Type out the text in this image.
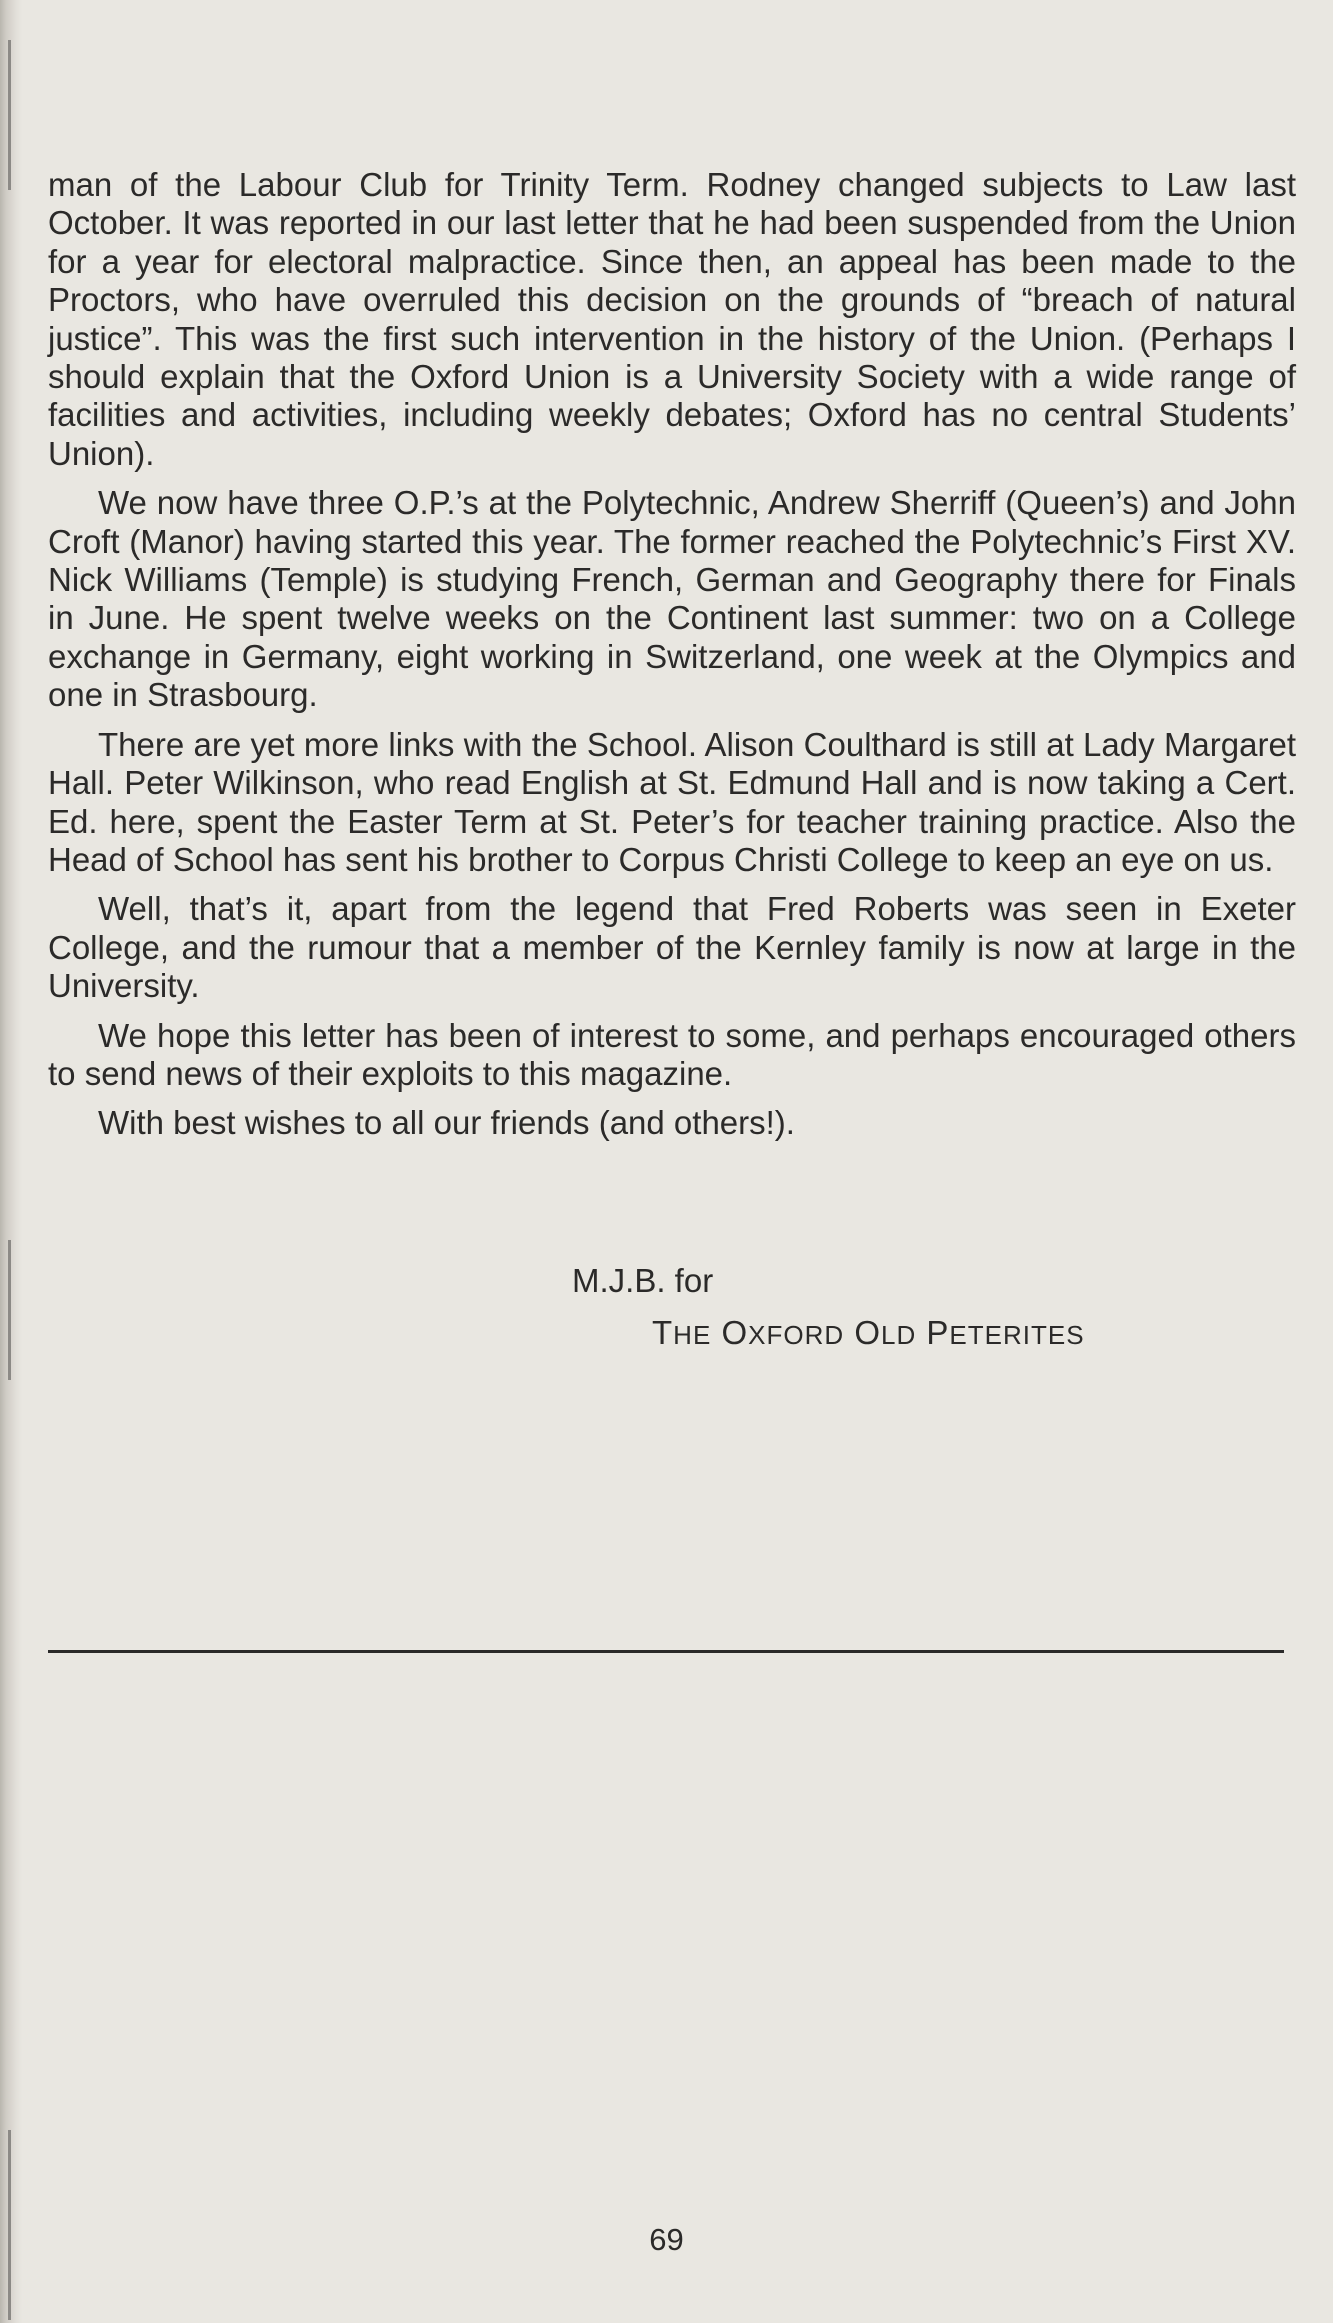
man of the Labour Club for Trinity Term. Rodney changed subjects to Law last October. It was reported in our last letter that he had been suspended from the Union for a year for electoral malpractice. Since then, an appeal has been made to the Proctors, who have overruled this decision on the grounds of “breach of natural justice”. This was the first such intervention in the history of the Union. (Perhaps I should explain that the Oxford Union is a University Society with a wide range of facilities and activities, including weekly debates; Oxford has no central Students’ Union).

We now have three O.P.’s at the Polytechnic, Andrew Sherriff (Queen’s) and John Croft (Manor) having started this year. The former reached the Polytechnic’s First XV. Nick Williams (Temple) is studying French, German and Geography there for Finals in June. He spent twelve weeks on the Continent last summer: two on a College exchange in Germany, eight working in Switzerland, one week at the Olympics and one in Strasbourg.

There are yet more links with the School. Alison Coulthard is still at Lady Margaret Hall. Peter Wilkinson, who read English at St. Edmund Hall and is now taking a Cert. Ed. here, spent the Easter Term at St. Peter’s for teacher training practice. Also the Head of School has sent his brother to Corpus Christi College to keep an eye on us.

Well, that’s it, apart from the legend that Fred Roberts was seen in Exeter College, and the rumour that a member of the Kernley family is now at large in the University.

We hope this letter has been of interest to some, and perhaps encouraged others to send news of their exploits to this magazine.

With best wishes to all our friends (and others!).

M.J.B. for
THE OXFORD OLD PETERITES
69
